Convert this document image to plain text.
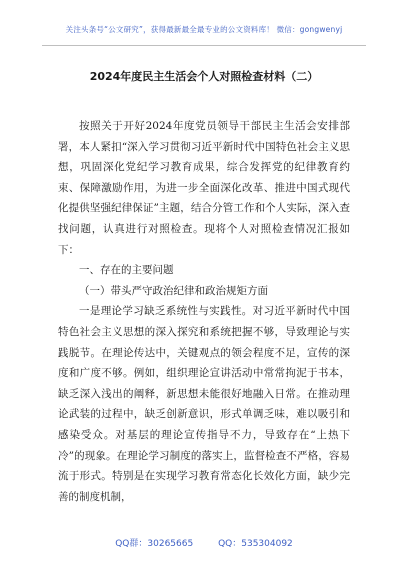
关注头条号“公文研究”，获得最新最全最专业的公文资料库！ 微信：gongwenyj
2024年度民主生活会个人对照检查材料（二）

按照关于开好2024年度党员领导干部民主生活会安排部署，本人紧扣“深入学习贯彻习近平新时代中国特色社会主义思想，巩固深化党纪学习教育成果，综合发挥党的纪律教育约束、保障激励作用，为进一步全面深化改革、推进中国式现代化提供坚强纪律保证”主题，结合分管工作和个人实际，深入查找问题，认真进行对照检查。现将个人对照检查情况汇报如下：

一、存在的主要问题

（一）带头严守政治纪律和政治规矩方面

一是理论学习缺乏系统性与实践性。对习近平新时代中国特色社会主义思想的深入探究和系统把握不够，导致理论与实践脱节。在理论传达中，关键观点的领会程度不足，宣传的深度和广度不够。例如，组织理论宣讲活动中常常拘泥于书本，缺乏深入浅出的阐释，新思想未能很好地融入日常。在推动理论武装的过程中，缺乏创新意识，形式单调乏味，难以吸引和感染受众。对基层的理论宣传指导不力，导致存在“上热下冷”的现象。在理论学习制度的落实上，监督检查不严格，容易流于形式。特别是在实现学习教育常态化长效化方面，缺少完善的制度机制，

QQ群：30265665	QQ：535304092
